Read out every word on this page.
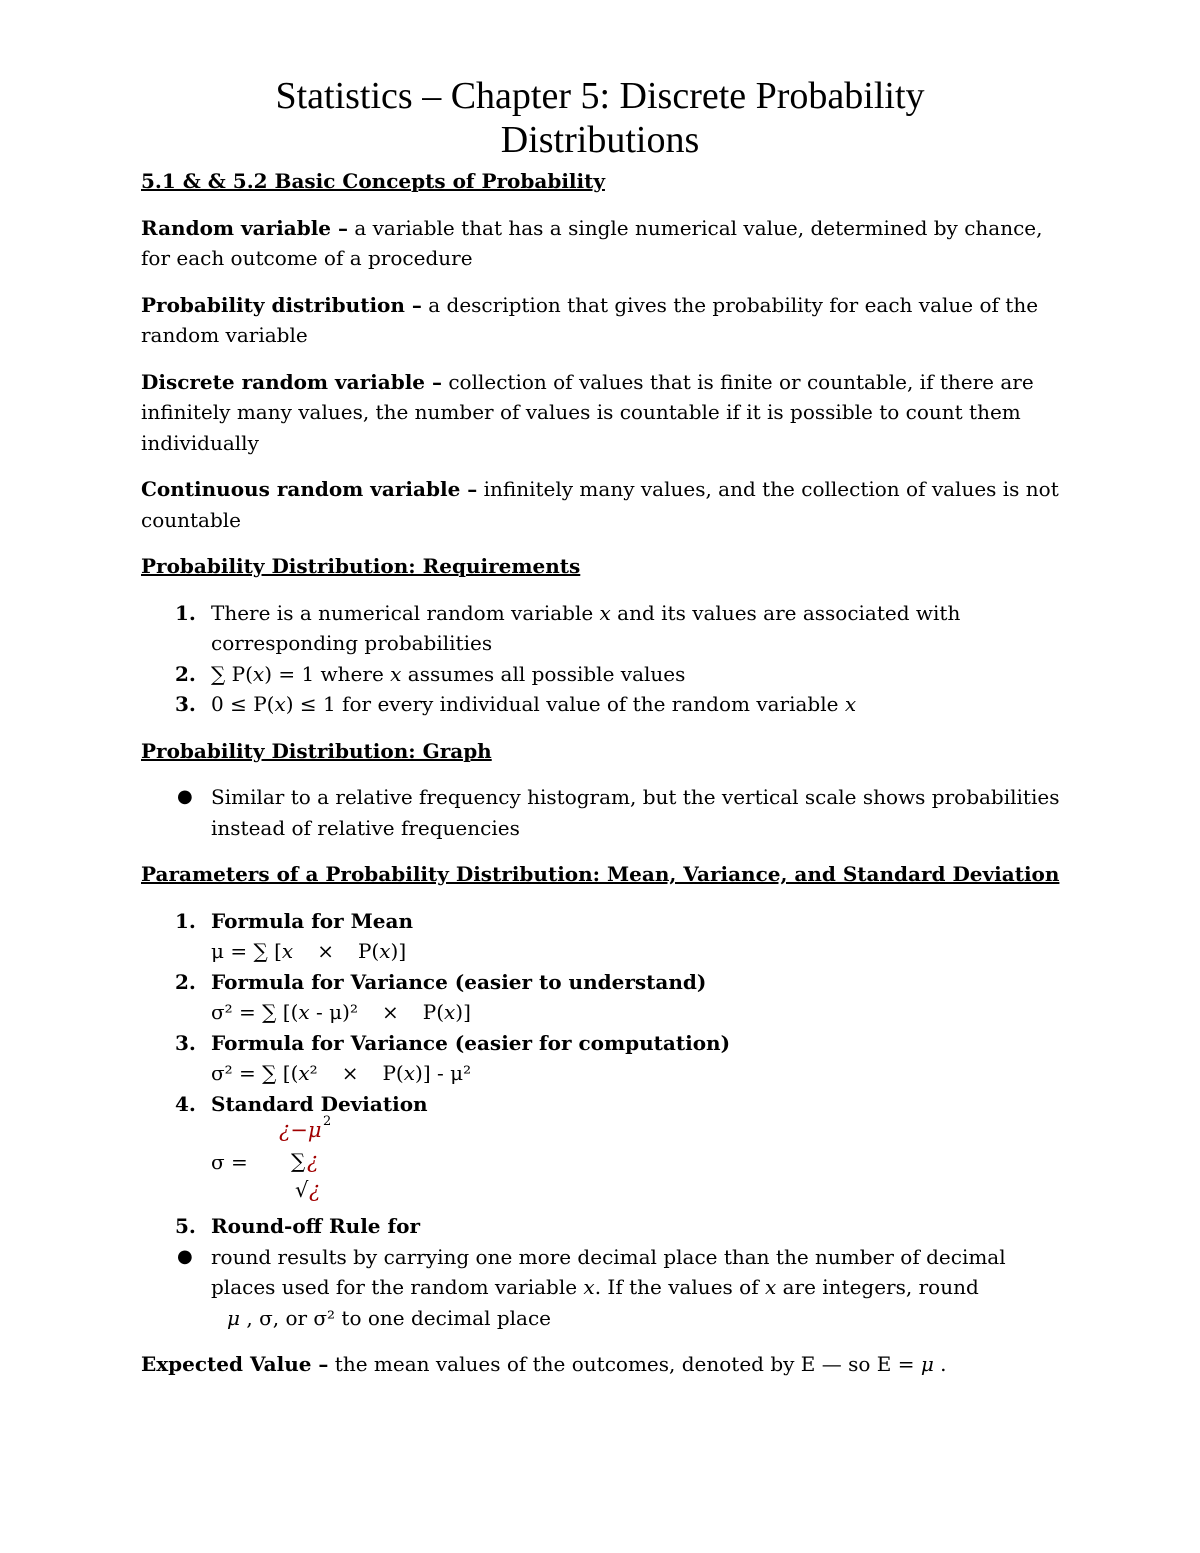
Statistics – Chapter 5: Discrete Probability
Distributions
5.1 & & 5.2 Basic Concepts of Probability

Random variable – a variable that has a single numerical value, determined by chance, for each outcome of a procedure

Probability distribution – a description that gives the probability for each value of the random variable

Discrete random variable – collection of values that is finite or countable, if there are infinitely many values, the number of values is countable if it is possible to count them individually

Continuous random variable – infinitely many values, and the collection of values is not countable

Probability Distribution: Requirements
1. There is a numerical random variable x and its values are associated with corresponding probabilities
2. ∑ P(x) = 1 where x assumes all possible values
3. 0 ≤ P(x) ≤ 1 for every individual value of the random variable x
Probability Distribution: Graph
● Similar to a relative frequency histogram, but the vertical scale shows probabilities instead of relative frequencies
Parameters of a Probability Distribution: Mean, Variance, and Standard Deviation
1. Formula for Mean
μ = ∑ [x × P(x)]
2. Formula for Variance (easier to understand)
σ² = ∑ [(x - μ)² × P(x)]
3. Formula for Variance (easier for computation)
σ² = ∑ [(x² × P(x)] - μ²
4. Standard Deviation
σ =
¿−μ 2
∑ ¿
√ ¿
5. Round-off Rule for
● round results by carrying one more decimal place than the number of decimal places used for the random variable x. If the values of x are integers, round
μ , σ, or σ² to one decimal place

Expected Value – the mean values of the outcomes, denoted by E — so E = μ .
